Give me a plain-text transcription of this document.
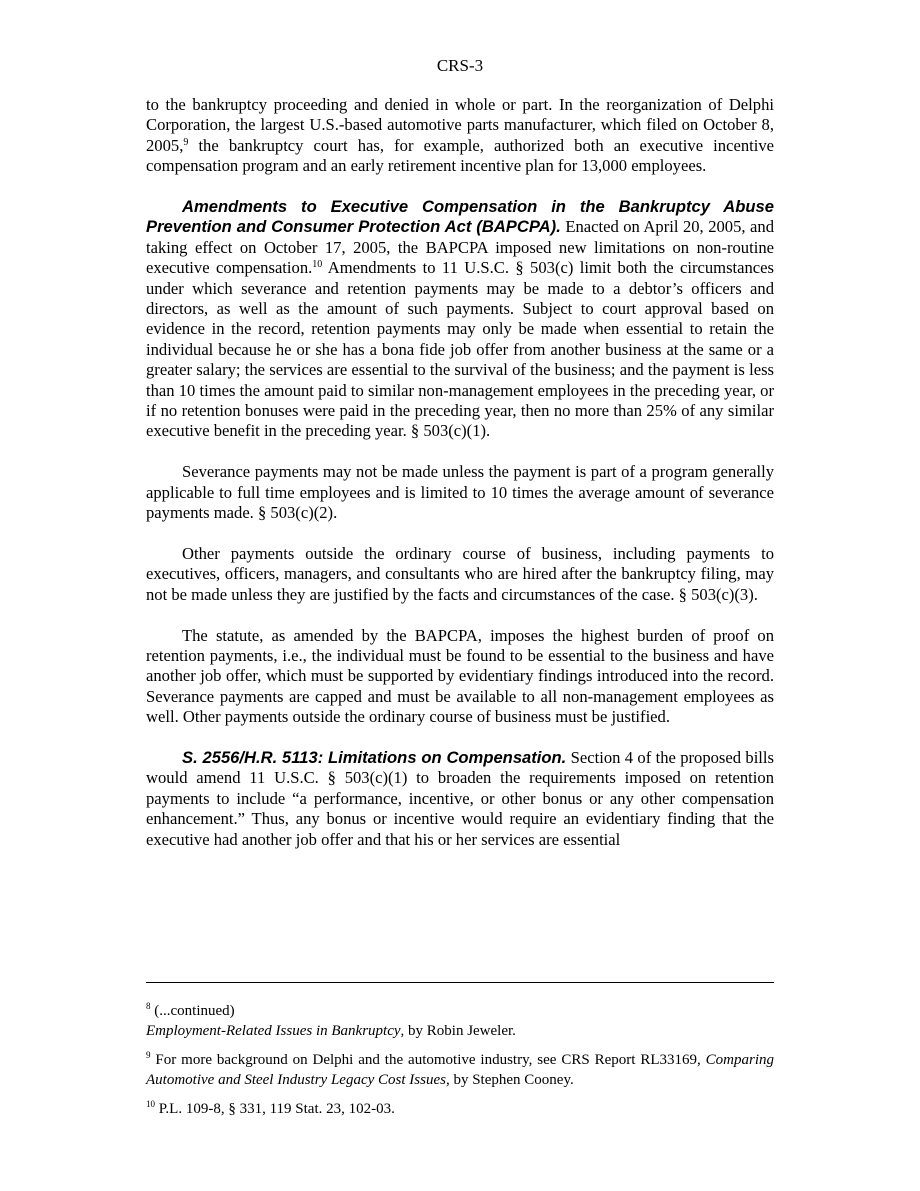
CRS-3

to the bankruptcy proceeding and denied in whole or part. In the reorganization of Delphi Corporation, the largest U.S.-based automotive parts manufacturer, which filed on October 8, 2005,$^9$ the bankruptcy court has, for example, authorized both an executive incentive compensation program and an early retirement incentive plan for 13,000 employees.

Amendments to Executive Compensation in the Bankruptcy Abuse Prevention and Consumer Protection Act (BAPCPA). Enacted on April 20, 2005, and taking effect on October 17, 2005, the BAPCPA imposed new limitations on non-routine executive compensation.$^{10}$ Amendments to 11 U.S.C. § 503(c) limit both the circumstances under which severance and retention payments may be made to a debtor’s officers and directors, as well as the amount of such payments. Subject to court approval based on evidence in the record, retention payments may only be made when essential to retain the individual because he or she has a bona fide job offer from another business at the same or a greater salary; the services are essential to the survival of the business; and the payment is less than 10 times the amount paid to similar non-management employees in the preceding year, or if no retention bonuses were paid in the preceding year, then no more than 25% of any similar executive benefit in the preceding year. § 503(c)(1).

Severance payments may not be made unless the payment is part of a program generally applicable to full time employees and is limited to 10 times the average amount of severance payments made. § 503(c)(2).

Other payments outside the ordinary course of business, including payments to executives, officers, managers, and consultants who are hired after the bankruptcy filing, may not be made unless they are justified by the facts and circumstances of the case. § 503(c)(3).

The statute, as amended by the BAPCPA, imposes the highest burden of proof on retention payments, i.e., the individual must be found to be essential to the business and have another job offer, which must be supported by evidentiary findings introduced into the record. Severance payments are capped and must be available to all non-management employees as well. Other payments outside the ordinary course of business must be justified.

S. 2556/H.R. 5113: Limitations on Compensation. Section 4 of the proposed bills would amend 11 U.S.C. § 503(c)(1) to broaden the requirements imposed on retention payments to include “a performance, incentive, or other bonus or any other compensation enhancement.” Thus, any bonus or incentive would require an evidentiary finding that the executive had another job offer and that his or her services are essential

$^8$ (...continued)
Employment-Related Issues in Bankruptcy, by Robin Jeweler.
$^9$ For more background on Delphi and the automotive industry, see CRS Report RL33169, Comparing Automotive and Steel Industry Legacy Cost Issues, by Stephen Cooney.
$^{10}$ P.L. 109-8, § 331, 119 Stat. 23, 102-03.
